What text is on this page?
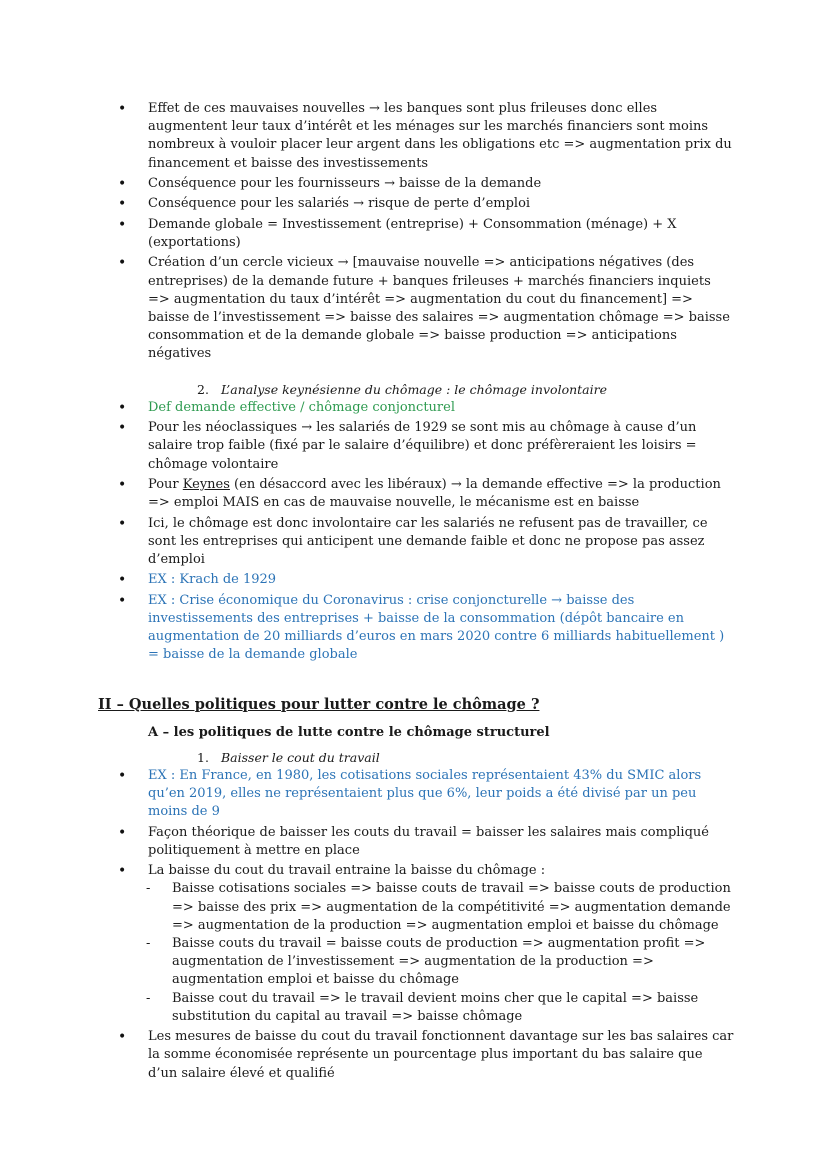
• Effet de ces mauvaises nouvelles → les banques sont plus frileuses donc elles augmentent leur taux d’intérêt et les ménages sur les marchés financiers sont moins nombreux à vouloir placer leur argent dans les obligations etc => augmentation prix du financement et baisse des investissements
• Conséquence pour les fournisseurs → baisse de la demande
• Conséquence pour les salariés → risque de perte d’emploi
• Demande globale = Investissement (entreprise) + Consommation (ménage) + X (exportations)
• Création d’un cercle vicieux → [mauvaise nouvelle => anticipations négatives (des entreprises) de la demande future + banques frileuses + marchés financiers inquiets => augmentation du taux d’intérêt => augmentation du cout du financement] => baisse de l’investissement => baisse des salaires => augmentation chômage => baisse consommation et de la demande globale => baisse production => anticipations négatives

2. L’analyse keynésienne du chômage : le chômage involontaire

• Def demande effective / chômage conjoncturel
• Pour les néoclassiques → les salariés de 1929 se sont mis au chômage à cause d’un salaire trop faible (fixé par le salaire d’équilibre) et donc préfèreraient les loisirs = chômage volontaire
• Pour Keynes (en désaccord avec les libéraux) → la demande effective => la production => emploi MAIS en cas de mauvaise nouvelle, le mécanisme est en baisse
• Ici, le chômage est donc involontaire car les salariés ne refusent pas de travailler, ce sont les entreprises qui anticipent une demande faible et donc ne propose pas assez d’emploi
• EX : Krach de 1929
• EX : Crise économique du Coronavirus : crise conjoncturelle → baisse des investissements des entreprises + baisse de la consommation (dépôt bancaire en augmentation de 20 milliards d’euros en mars 2020 contre 6 milliards habituellement ) = baisse de la demande globale

II – Quelles politiques pour lutter contre le chômage ?

A – les politiques de lutte contre le chômage structurel

1. Baisser le cout du travail

• EX : En France, en 1980, les cotisations sociales représentaient 43% du SMIC alors qu’en 2019, elles ne représentaient plus que 6%, leur poids a été divisé par un peu moins de 9
• Façon théorique de baisser les couts du travail = baisser les salaires mais compliqué politiquement à mettre en place
• La baisse du cout du travail entraine la baisse du chômage :
- Baisse cotisations sociales => baisse couts de travail => baisse couts de production => baisse des prix => augmentation de la compétitivité => augmentation demande => augmentation de la production => augmentation emploi et baisse du chômage
- Baisse couts du travail = baisse couts de production => augmentation profit => augmentation de l’investissement => augmentation de la production => augmentation emploi et baisse du chômage
- Baisse cout du travail => le travail devient moins cher que le capital => baisse substitution du capital au travail => baisse chômage
• Les mesures de baisse du cout du travail fonctionnent davantage sur les bas salaires car la somme économisée représente un pourcentage plus important du bas salaire que d’un salaire élevé et qualifié
